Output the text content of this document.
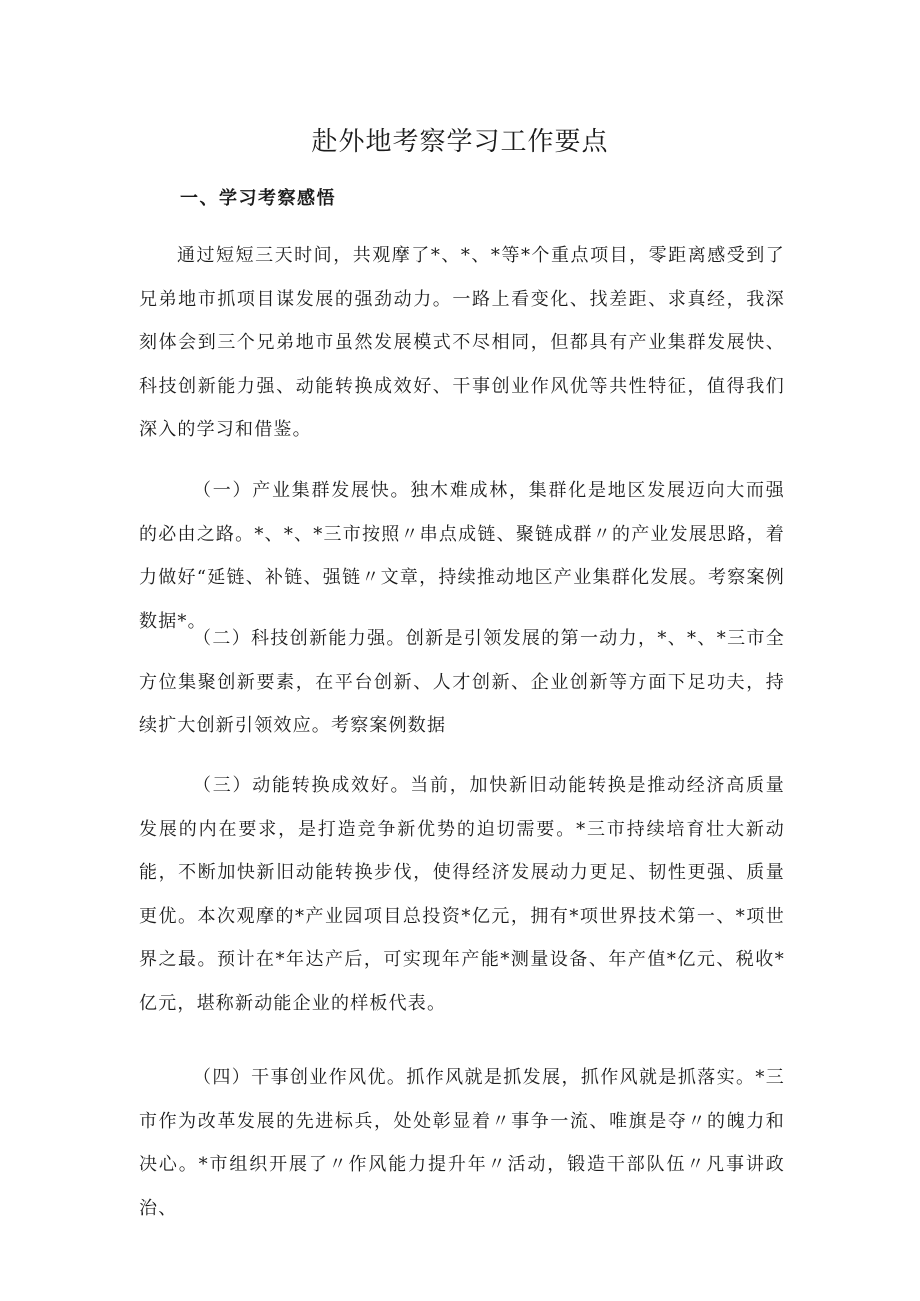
赴外地考察学习工作要点
一、学习考察感悟

通过短短三天时间，共观摩了*、*、*等*个重点项目，零距离感受到了兄弟地市抓项目谋发展的强劲动力。一路上看变化、找差距、求真经，我深刻体会到三个兄弟地市虽然发展模式不尽相同，但都具有产业集群发展快、科技创新能力强、动能转换成效好、干事创业作风优等共性特征，值得我们深入的学习和借鉴。

（一）产业集群发展快。独木难成林，集群化是地区发展迈向大而强的必由之路。*、*、*三市按照〃串点成链、聚链成群〃的产业发展思路，着力做好“延链、补链、强链〃文章，持续推动地区产业集群化发展。考察案例数据*。

（二）科技创新能力强。创新是引领发展的第一动力，*、*、*三市全方位集聚创新要素，在平台创新、人才创新、企业创新等方面下足功夫，持续扩大创新引领效应。考察案例数据

（三）动能转换成效好。当前，加快新旧动能转换是推动经济高质量发展的内在要求，是打造竞争新优势的迫切需要。*三市持续培育壮大新动能，不断加快新旧动能转换步伐，使得经济发展动力更足、韧性更强、质量更优。本次观摩的*产业园项目总投资*亿元，拥有*项世界技术第一、*项世界之最。预计在*年达产后，可实现年产能*测量设备、年产值*亿元、税收*亿元，堪称新动能企业的样板代表。

（四）干事创业作风优。抓作风就是抓发展，抓作风就是抓落实。*三市作为改革发展的先进标兵，处处彰显着〃事争一流、唯旗是夺〃的魄力和决心。*市组织开展了〃作风能力提升年〃活动，锻造干部队伍〃凡事讲政治、
